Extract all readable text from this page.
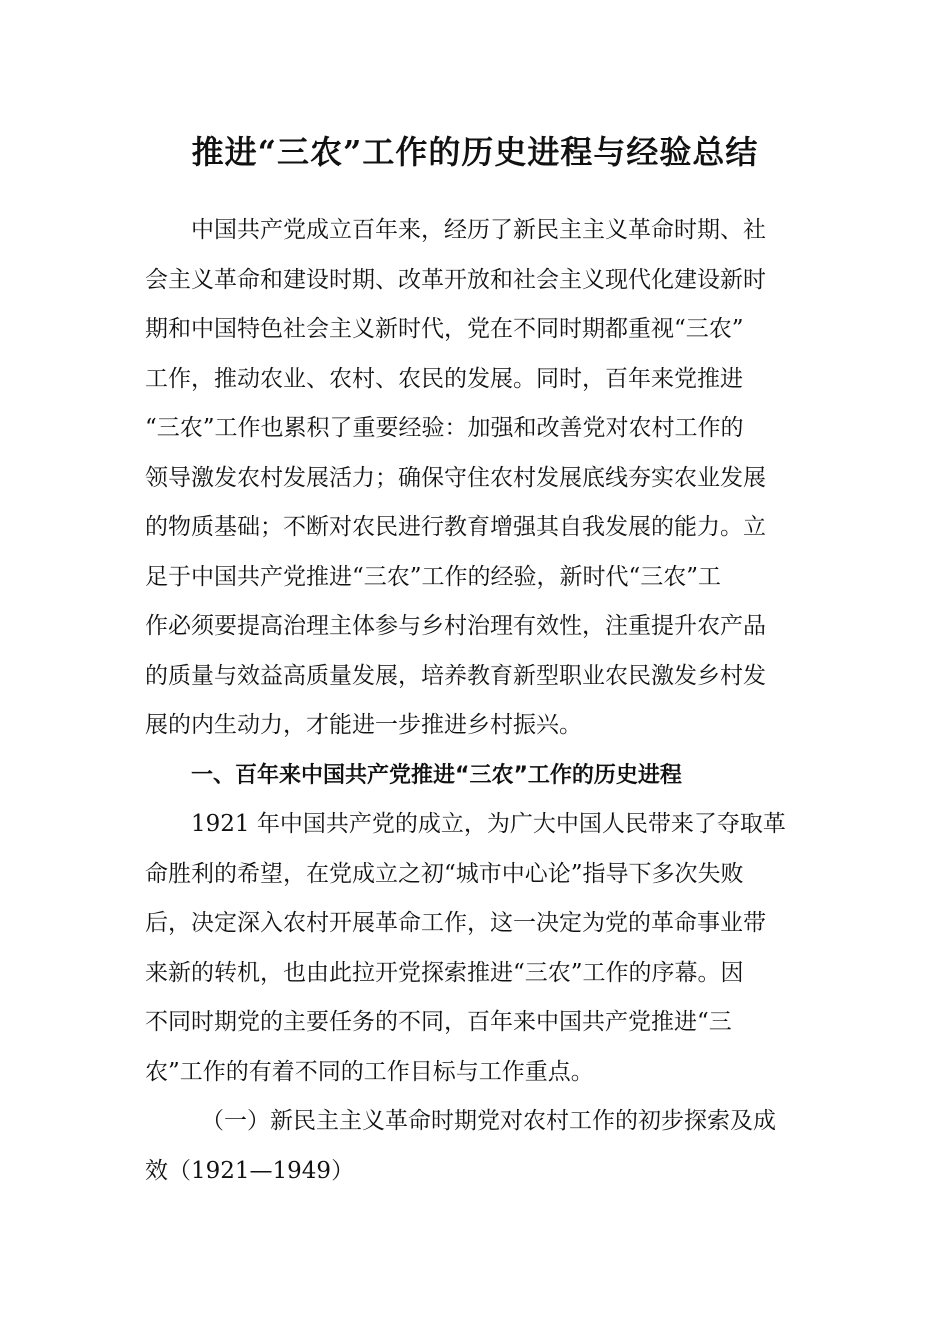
推进“三农”工作的历史进程与经验总结
中国共产党成立百年来，经历了新民主主义革命时期、社
会主义革命和建设时期、改革开放和社会主义现代化建设新时
期和中国特色社会主义新时代，党在不同时期都重视“三农”
工作，推动农业、农村、农民的发展。同时，百年来党推进
“三农”工作也累积了重要经验：加强和改善党对农村工作的
领导激发农村发展活力；确保守住农村发展底线夯实农业发展
的物质基础；不断对农民进行教育增强其自我发展的能力。立
足于中国共产党推进“三农”工作的经验，新时代“三农”工
作必须要提高治理主体参与乡村治理有效性，注重提升农产品
的质量与效益高质量发展，培养教育新型职业农民激发乡村发
展的内生动力，才能进一步推进乡村振兴。
一、百年来中国共产党推进“三农”工作的历史进程
1921 年中国共产党的成立，为广大中国人民带来了夺取革
命胜利的希望，在党成立之初“城市中心论”指导下多次失败
后，决定深入农村开展革命工作，这一决定为党的革命事业带
来新的转机，也由此拉开党探索推进“三农”工作的序幕。因
不同时期党的主要任务的不同，百年来中国共产党推进“三
农”工作的有着不同的工作目标与工作重点。
（一）新民主主义革命时期党对农村工作的初步探索及成
效（1921—1949）
